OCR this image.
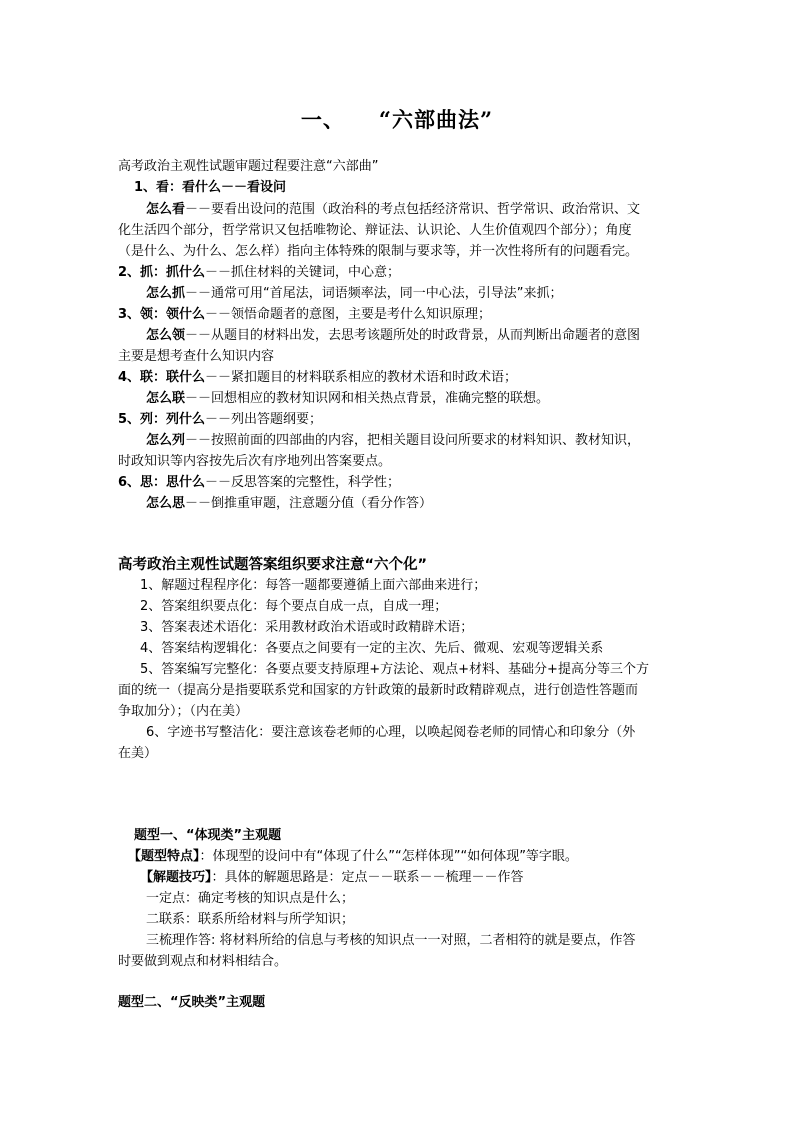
一、 “六部曲法”
高考政治主观性试题审题过程要注意“六部曲”
1、看：看什么－－看设问
怎么看－－要看出设问的范围（政治科的考点包括经济常识、哲学常识、政治常识、文
化生活四个部分，哲学常识又包括唯物论、辩证法、认识论、人生价值观四个部分）；角度
（是什么、为什么、怎么样）指向主体特殊的限制与要求等，并一次性将所有的问题看完。
2、抓：抓什么－－抓住材料的关键词，中心意；
怎么抓－－通常可用“首尾法，词语频率法，同一中心法，引导法”来抓；
3、领：领什么－－领悟命题者的意图，主要是考什么知识原理；
怎么领－－从题目的材料出发，去思考该题所处的时政背景，从而判断出命题者的意图
主要是想考查什么知识内容
4、联：联什么－－紧扣题目的材料联系相应的教材术语和时政术语；
怎么联－－回想相应的教材知识网和相关热点背景，准确完整的联想。
5、列：列什么－－列出答题纲要；
怎么列－－按照前面的四部曲的内容，把相关题目设问所要求的材料知识、教材知识，
时政知识等内容按先后次有序地列出答案要点。
6、思：思什么－－反思答案的完整性，科学性；
怎么思－－倒推重审题，注意题分值（看分作答）
高考政治主观性试题答案组织要求注意“六个化”
1、解题过程程序化：每答一题都要遵循上面六部曲来进行；
2、答案组织要点化：每个要点自成一点，自成一理；
3、答案表述术语化：采用教材政治术语或时政精辟术语；
4、答案结构逻辑化：各要点之间要有一定的主次、先后、微观、宏观等逻辑关系
5、答案编写完整化：各要点要支持原理+方法论、观点+材料、基础分+提高分等三个方
面的统一（提高分是指要联系党和国家的方针政策的最新时政精辟观点，进行创造性答题而
争取加分）；（内在美）
6、字迹书写整洁化：要注意该卷老师的心理，以唤起阅卷老师的同情心和印象分（外
在美）
题型一、“体现类”主观题
【题型特点】：体现型的设问中有“体现了什么”“怎样体现”“如何体现”等字眼。
【解题技巧】：具体的解题思路是：定点－－联系－－梳理－－作答
一定点：确定考核的知识点是什么；
二联系：联系所给材料与所学知识；
三梳理作答: 将材料所给的信息与考核的知识点一一对照，二者相符的就是要点，作答
时要做到观点和材料相结合。
题型二、“反映类”主观题
